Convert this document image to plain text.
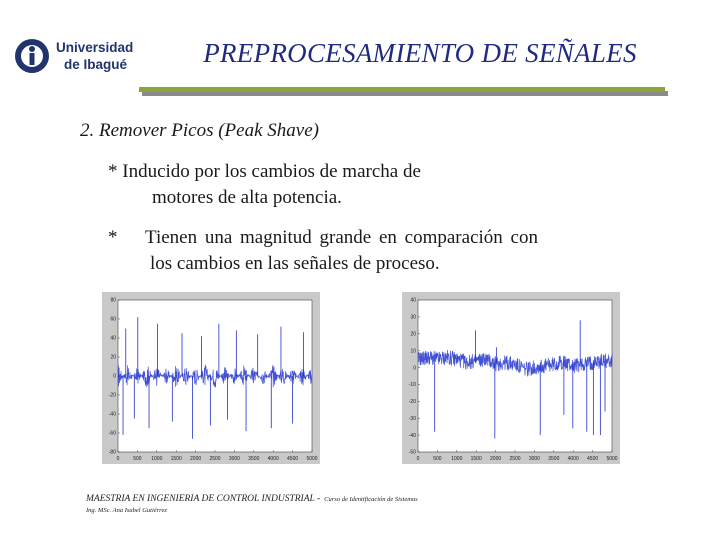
Universidad
de Ibagué	PREPROCESAMIENTO DE SEÑALES
2. Remover Picos (Peak Shave)
* Inducido por los cambios de marcha de
motores de alta potencia.
* Tienen una magnitud grande en comparación con
los cambios en las señales de proceso.
0	500 1000 1500 2000 2500 3000 3500 4000 4500 5000
80
60
40
20
0
-20
-40
-60
-80
0	500 1000 1500 2000 2500 3000 3500 4000 4500 5000
40
30
20
10
0
-10
-20
-30
-40
-50
MAESTRIA EN INGENIERIA DE CONTROL INDUSTRIAL - Curso de Identificación de Sistemas
Ing. MSc. Ana Isabel Gutiérrez
